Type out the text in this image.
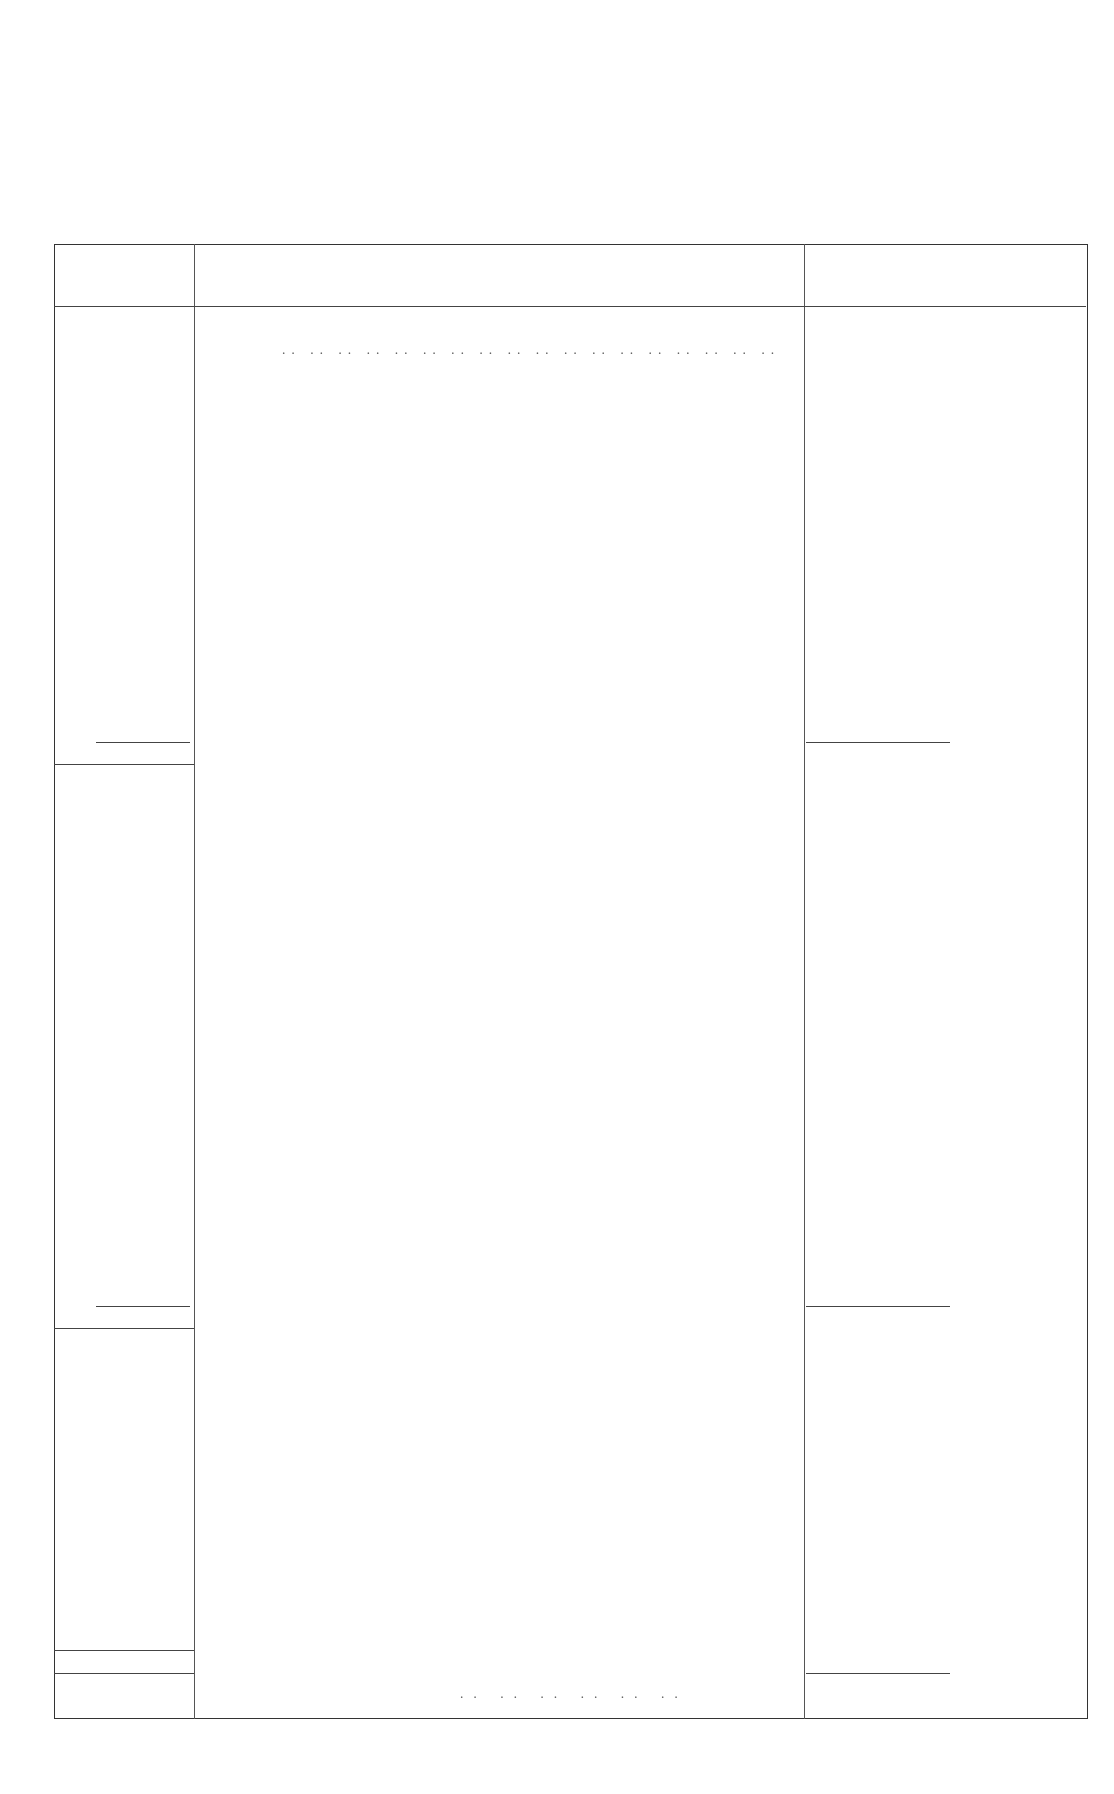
.. .. .. .. .. .. .. .. .. .. .. .. .. .. .. .. .. ..
.. .. .. .. .. ..
